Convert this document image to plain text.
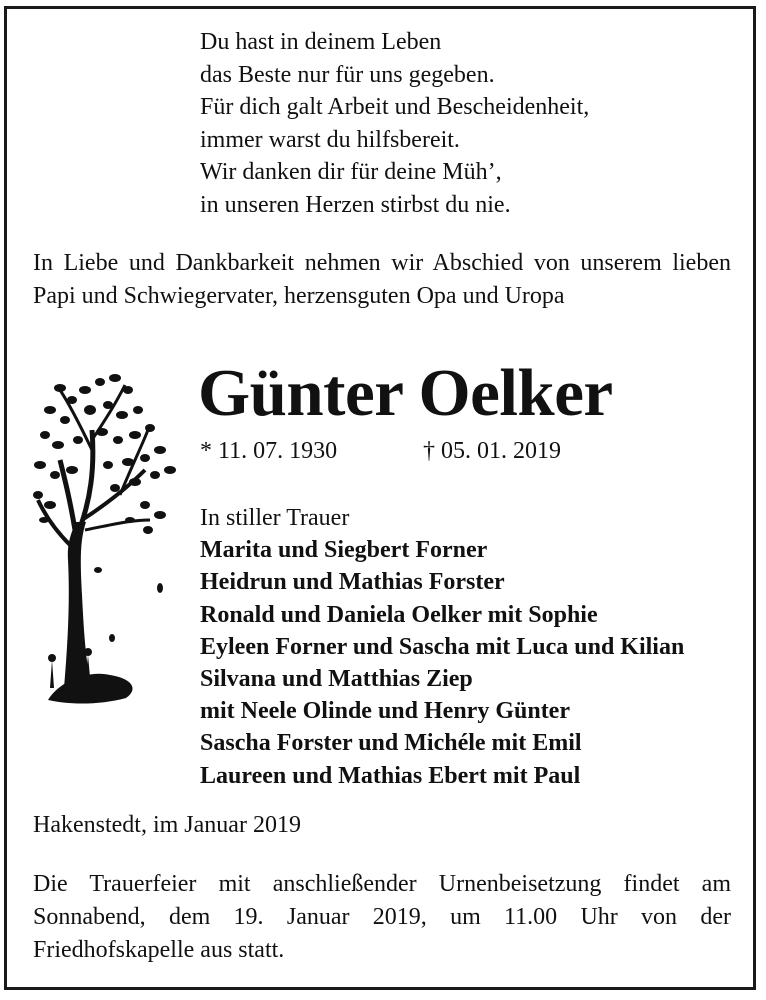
Du hast in deinem Leben
das Beste nur für uns gegeben.
Für dich galt Arbeit und Bescheidenheit,
immer warst du hilfsbereit.
Wir danken dir für deine Müh’,
in unseren Herzen stirbst du nie.
In Liebe und Dankbarkeit nehmen wir Abschied von unserem lieben Papi und Schwiegervater, herzensguten Opa und Uropa
Günter Oelker
* 11. 07. 1930	† 05. 01. 2019
In stiller Trauer
Marita und Siegbert Forner
Heidrun und Mathias Forster
Ronald und Daniela Oelker mit Sophie
Eyleen Forner und Sascha mit Luca und Kilian
Silvana und Matthias Ziep
mit Neele Olinde und Henry Günter
Sascha Forster und Michéle mit Emil
Laureen und Mathias Ebert mit Paul
Hakenstedt, im Januar 2019
Die Trauerfeier mit anschließender Urnenbeisetzung findet am Sonnabend, dem 19. Januar 2019, um 11.00 Uhr von der Friedhofskapelle aus statt.
